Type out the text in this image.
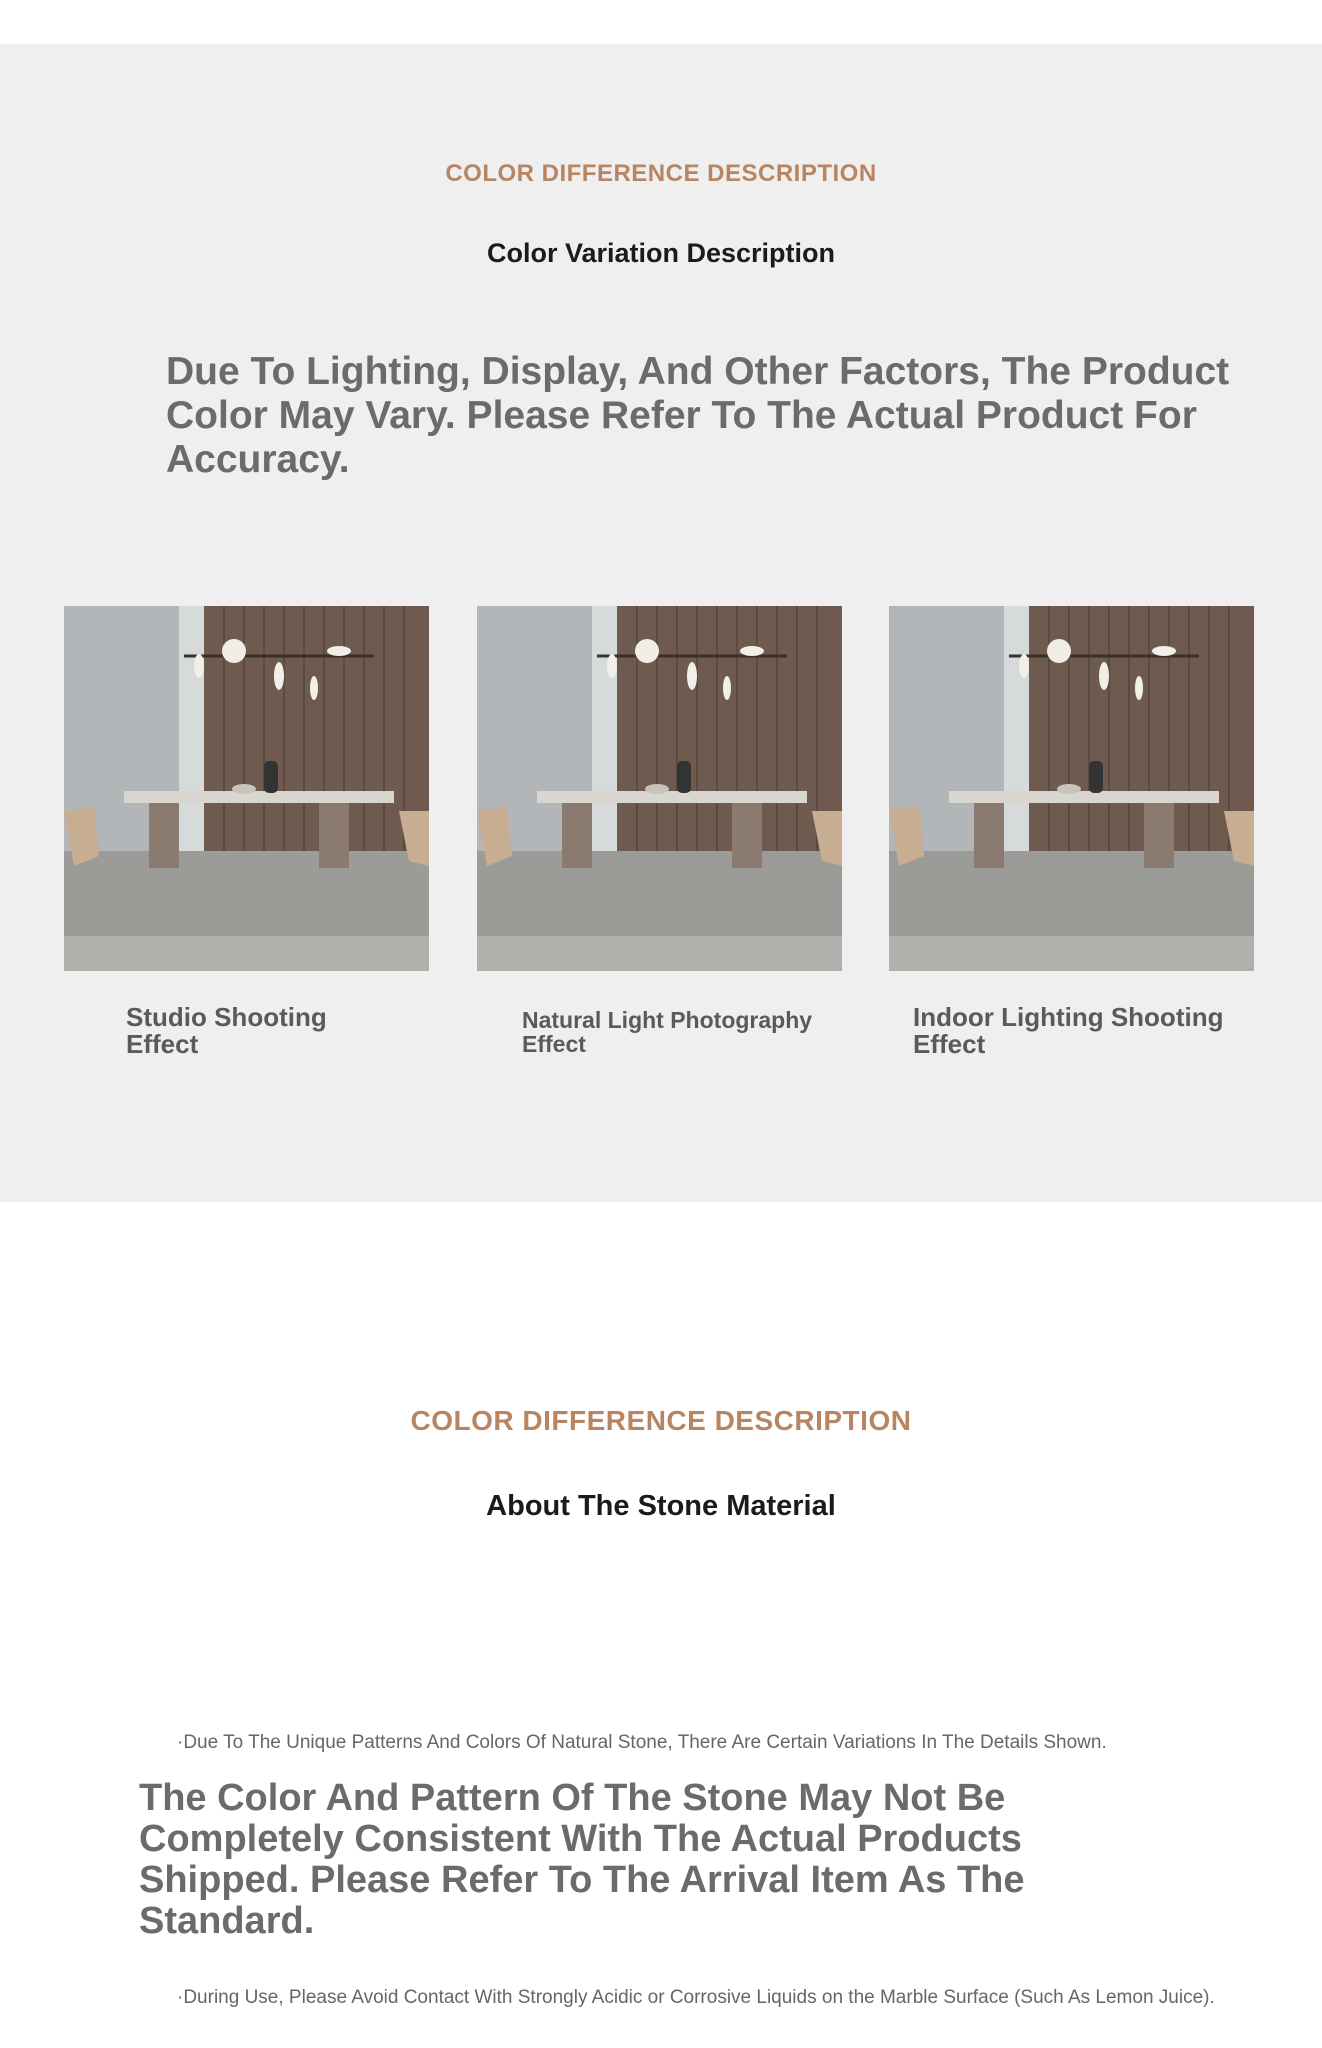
COLOR DIFFERENCE DESCRIPTION
Color Variation Description

Due To Lighting, Display, And Other Factors, The Product Color May Vary. Please Refer To The Actual Product For Accuracy.

Studio Shooting Effect
Natural Light Photography Effect
Indoor Lighting Shooting Effect
COLOR DIFFERENCE DESCRIPTION
About The Stone Material
·Due To The Unique Patterns And Colors Of Natural Stone, There Are Certain Variations In The Details Shown.

The Color And Pattern Of The Stone May Not Be Completely Consistent With The Actual Products Shipped. Please Refer To The Arrival Item As The Standard.

·During Use, Please Avoid Contact With Strongly Acidic or Corrosive Liquids on the Marble Surface (Such As Lemon Juice).
